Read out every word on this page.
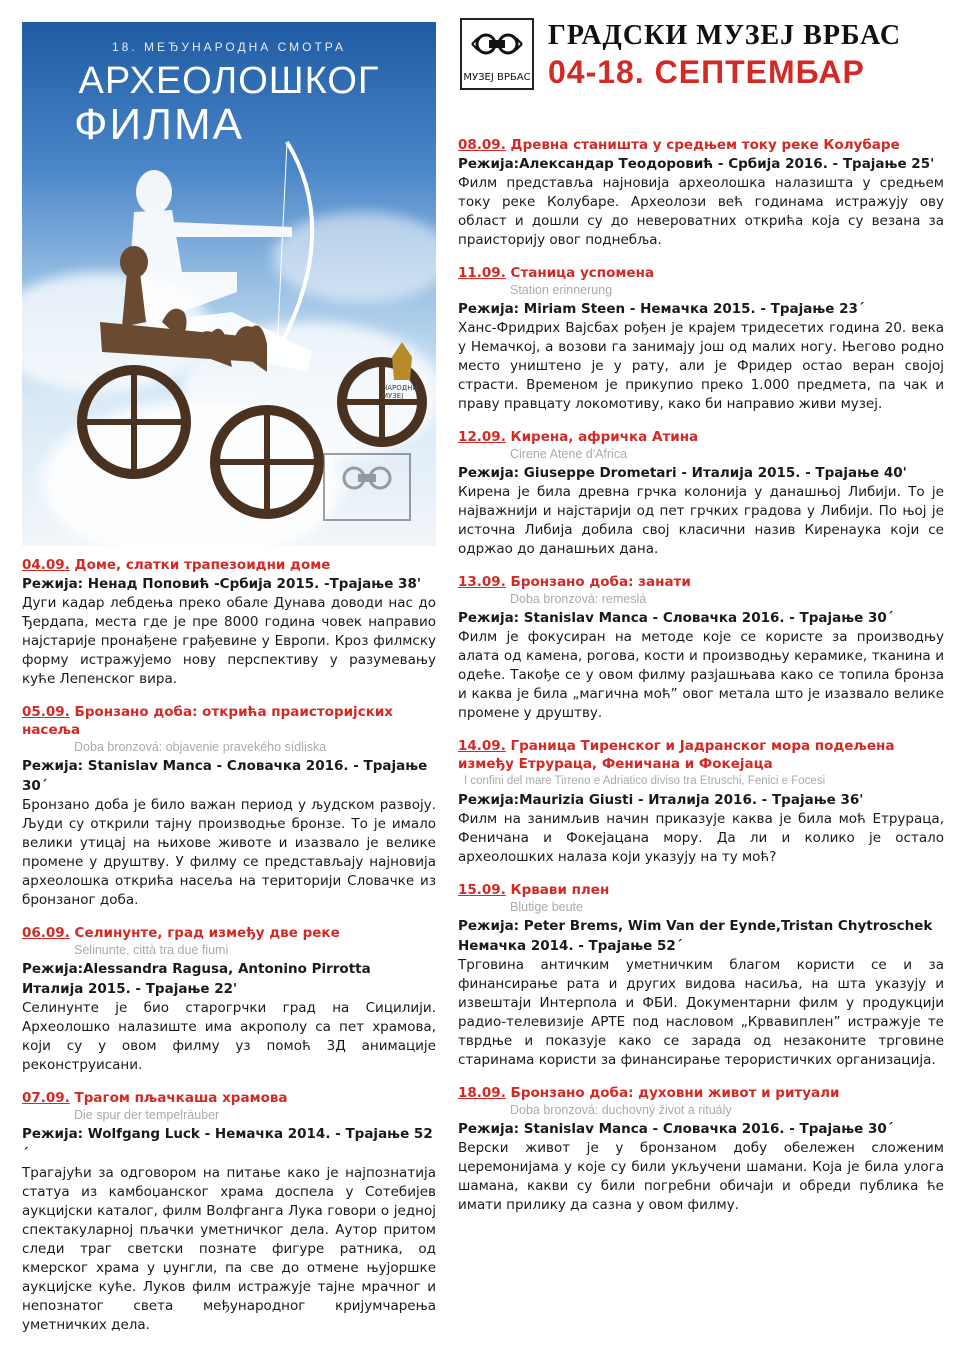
18. МЕЂУНАРОДНА СМОТРА
АРХЕОЛОШКОГ
ФИЛМА
НАРОДНИ МУЗЕЈ
МУЗЕЈ ВРБАС
ГРАДСКИ МУЗЕЈ ВРБАС
04-18. СЕПТЕМБАР
04.09. Доме, слатки трапезоидни доме
Режија: Ненад Поповић -Србија 2015. -Трајање 38'
Дуги кадар лебдења преко обале Дунава доводи нас до Ђердапа, места где је пре 8000 година човек направио најстарије пронађене грађевине у Европи. Кроз филмску форму истражујемо нову перспективу у разумевању куће Лепенског вира.
05.09. Бронзано доба: открића праисторијских насеља
Doba bronzová: objavenie pravekého sídliska
Режија: Stanislav Manca - Словачка 2016. - Трајање 30´
Бронзано доба је било важан период у људском развоју. Људи су открили тајну производње бронзе. То је имало велики утицај на њихове животе и изазвало је велике промене у друштву. У филму се представљају најновија археолошка открића насеља на територији Словачке из бронзаног доба.
06.09. Селинунте, град између две реке
Selinunte, città tra due fiumi
Режија:Alessandra Ragusa, Antonino Pirrotta
Италија 2015. - Трајање 22'
Селинунте је био старогрчки град на Сицилији. Археолошко налазиште има акрополу са пет храмова, који су у овом филму уз помоћ 3Д анимације реконструисани.
07.09. Трагом пљачкаша храмова
Die spur der tempelräuber
Режија: Wolfgang Luck - Немачка 2014. - Трајање 52´
Трагајући за одговором на питање како је најпознатија статуа из камбоџанског храма доспела у Сотебијев аукцијски каталог, филм Волфганга Лука говори о једној спектакуларној пљачки уметничког дела. Аутор притом следи траг светски познате фигуре ратника, од кмерског храма у џунгли, па све до отмене њујоршке аукцијске куће. Луков филм истражује тајне мрачног и непознатог света међународног кријумчарења уметничких дела.
08.09. Древна станишта у средњем току реке Колубаре
Режија:Александар Теодоровић - Србија 2016. - Трајање 25'
Филм представља најновија археолошка налазишта у средњем току реке Колубаре. Археолози већ годинама истражују ову област и дошли су до невероватних открића која су везана за праисторију овог поднебља.
11.09. Станица успомена
Station erinnerung
Режија: Miriam Steen - Немачка 2015. - Трајање 23´
Ханс-Фридрих Вајсбах рођен је крајем тридесетих година 20. века у Немачкој, а возови га занимају још од малих ногу. Његово родно место уништено је у рату, али је Фридер остао веран својој страсти. Временом је прикупио преко 1.000 предмета, па чак и праву правцату локомотиву, како би направио живи музеј.
12.09. Кирена, афричка Атина
Cirene Atene d'Africa
Режија: Giuseppe Drometari - Италија 2015. - Трајање 40'
Кирена је била древна грчка колонија у данашњој Либији. То је најважнији и најстарији од пет грчких градова у Либији. По њој је источна Либија добила свој класични назив Киренаука који се одржао до данашњих дана.
13.09. Бронзано доба: занати
Doba bronzová: remeslá
Режија: Stanislav Manca - Словачка 2016. - Трајање 30´
Филм је фокусиран на методе које се користе за производњу алата од камена, рогова, кости и производњу керамике, тканина и одеће. Такође се у овом филму разјашњава како се топила бронза и каква је била „магична моћ” овог метала што је изазвало велике промене у друштву.
14.09. Граница Тиренског и Јадранског мора подељена између Етрураца, Феничана и Фокејаца
I confini del mare Tirreno e Adriatico diviso tra Etruschi, Fenici e Focesi
Режија:Maurizia Giusti - Италија 2016. - Трајање 36'
Филм на занимљив начин приказује каква је била моћ Етрураца, Феничана и Фокејацана мору. Да ли и колико је остало археолошких налаза који указују на ту моћ?
15.09. Крвави плен
Blutige beute
Режија: Peter Brems, Wim Van der Eynde,Tristan Chytroschek
Немачка 2014. - Трајање 52´
Трговина античким уметничким благом користи се и за финансирање рата и других видова насиља, на шта указују и извештаји Интерпола и ФБИ. Документарни филм у продукцији радио-телевизије АРТЕ под насловом „Крвавиплен” истражује те тврдње и показује како се зарада од незаконите трговине старинама користи за финансирање терористичких организација.
18.09. Бронзано доба: духовни живот и ритуали
Doba bronzová: duchovný život a rituály
Режија: Stanislav Manca - Словачка 2016. - Трајање 30´
Верски живот је у бронзаном добу обележен сложеним церемонијама у које су били укључени шамани. Која је била улога шамана, какви су били погребни обичаји и обреди публика ће имати прилику да сазна у овом филму.
